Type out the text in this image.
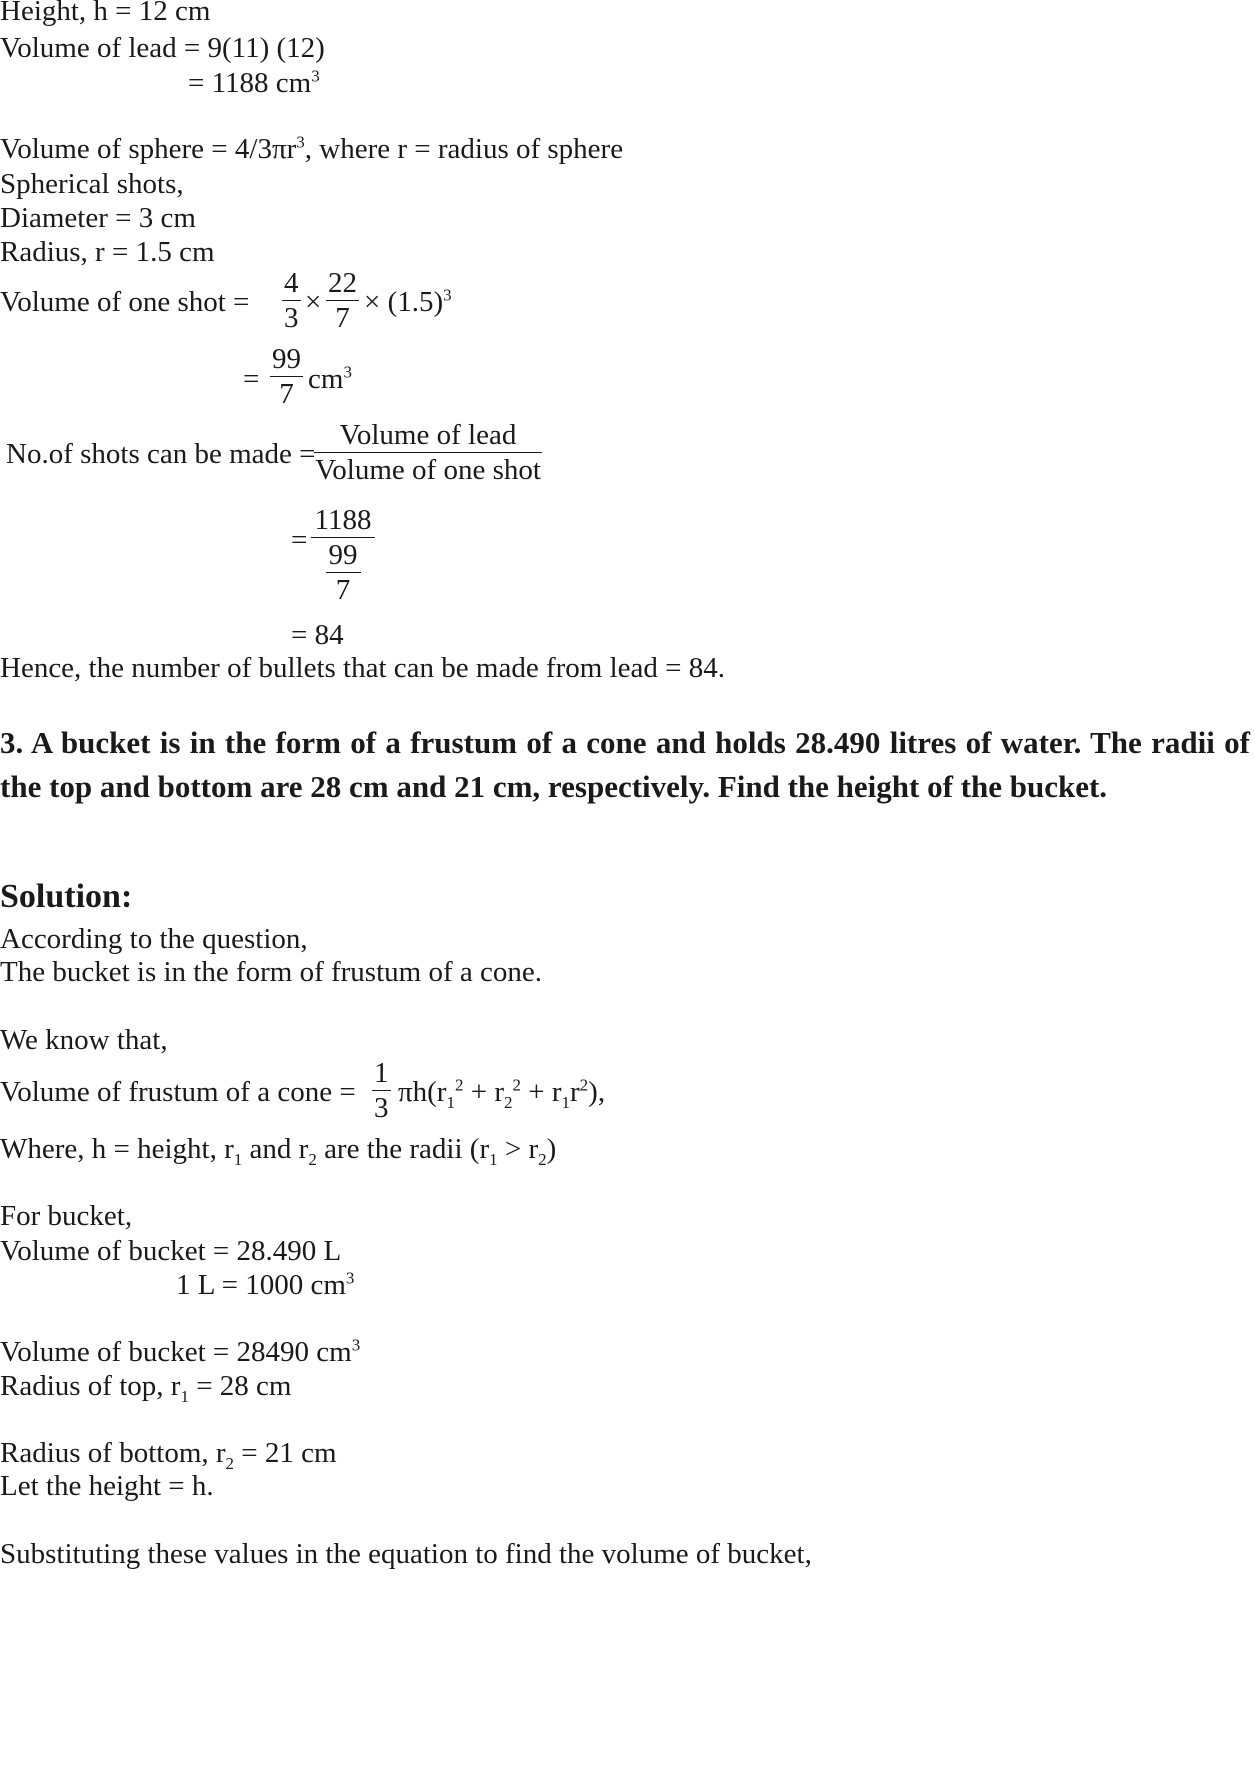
Height, h = 12 cm
Volume of lead = 9(11) (12)
= 1188 $cm^3$
Volume of sphere = $4/3\pi r^3$, where r = radius of sphere
Spherical shots,
Diameter = 3 cm
Radius, r = 1.5 cm
Volume of one shot = $\frac{4}{3} \times \frac{22}{7} \times (1.5)^3$
= $\frac{99}{7} cm^3$
No.of shots can be made =
Volume of lead
Volume of one shot
= $\frac{1188}{\frac{99}{7}}$
= 84
Hence, the number of bullets that can be made from lead = 84.
3. A bucket is in the form of a frustum of a cone and holds 28.490 litres of water. The radii of the top and bottom are 28 cm and 21 cm, respectively. Find the height of the bucket.
Solution:
According to the question,
The bucket is in the form of frustum of a cone.
We know that,
Volume of frustum of a cone = $\frac{1}{3} \pi h(r_1^2 + r_2^2 + r_1r^2)$,
Where, h = height, $r_1$ and $r_2$ are the radii $(r_1 > r_2)$
For bucket,
Volume of bucket = 28.490 L
1 L = 1000 $cm^3$
Volume of bucket = 28490 $cm^3$
Radius of top, $r_1 = 28$ cm
Radius of bottom, $r_2 = 21$ cm
Let the height = h.
Substituting these values in the equation to find the volume of bucket,
